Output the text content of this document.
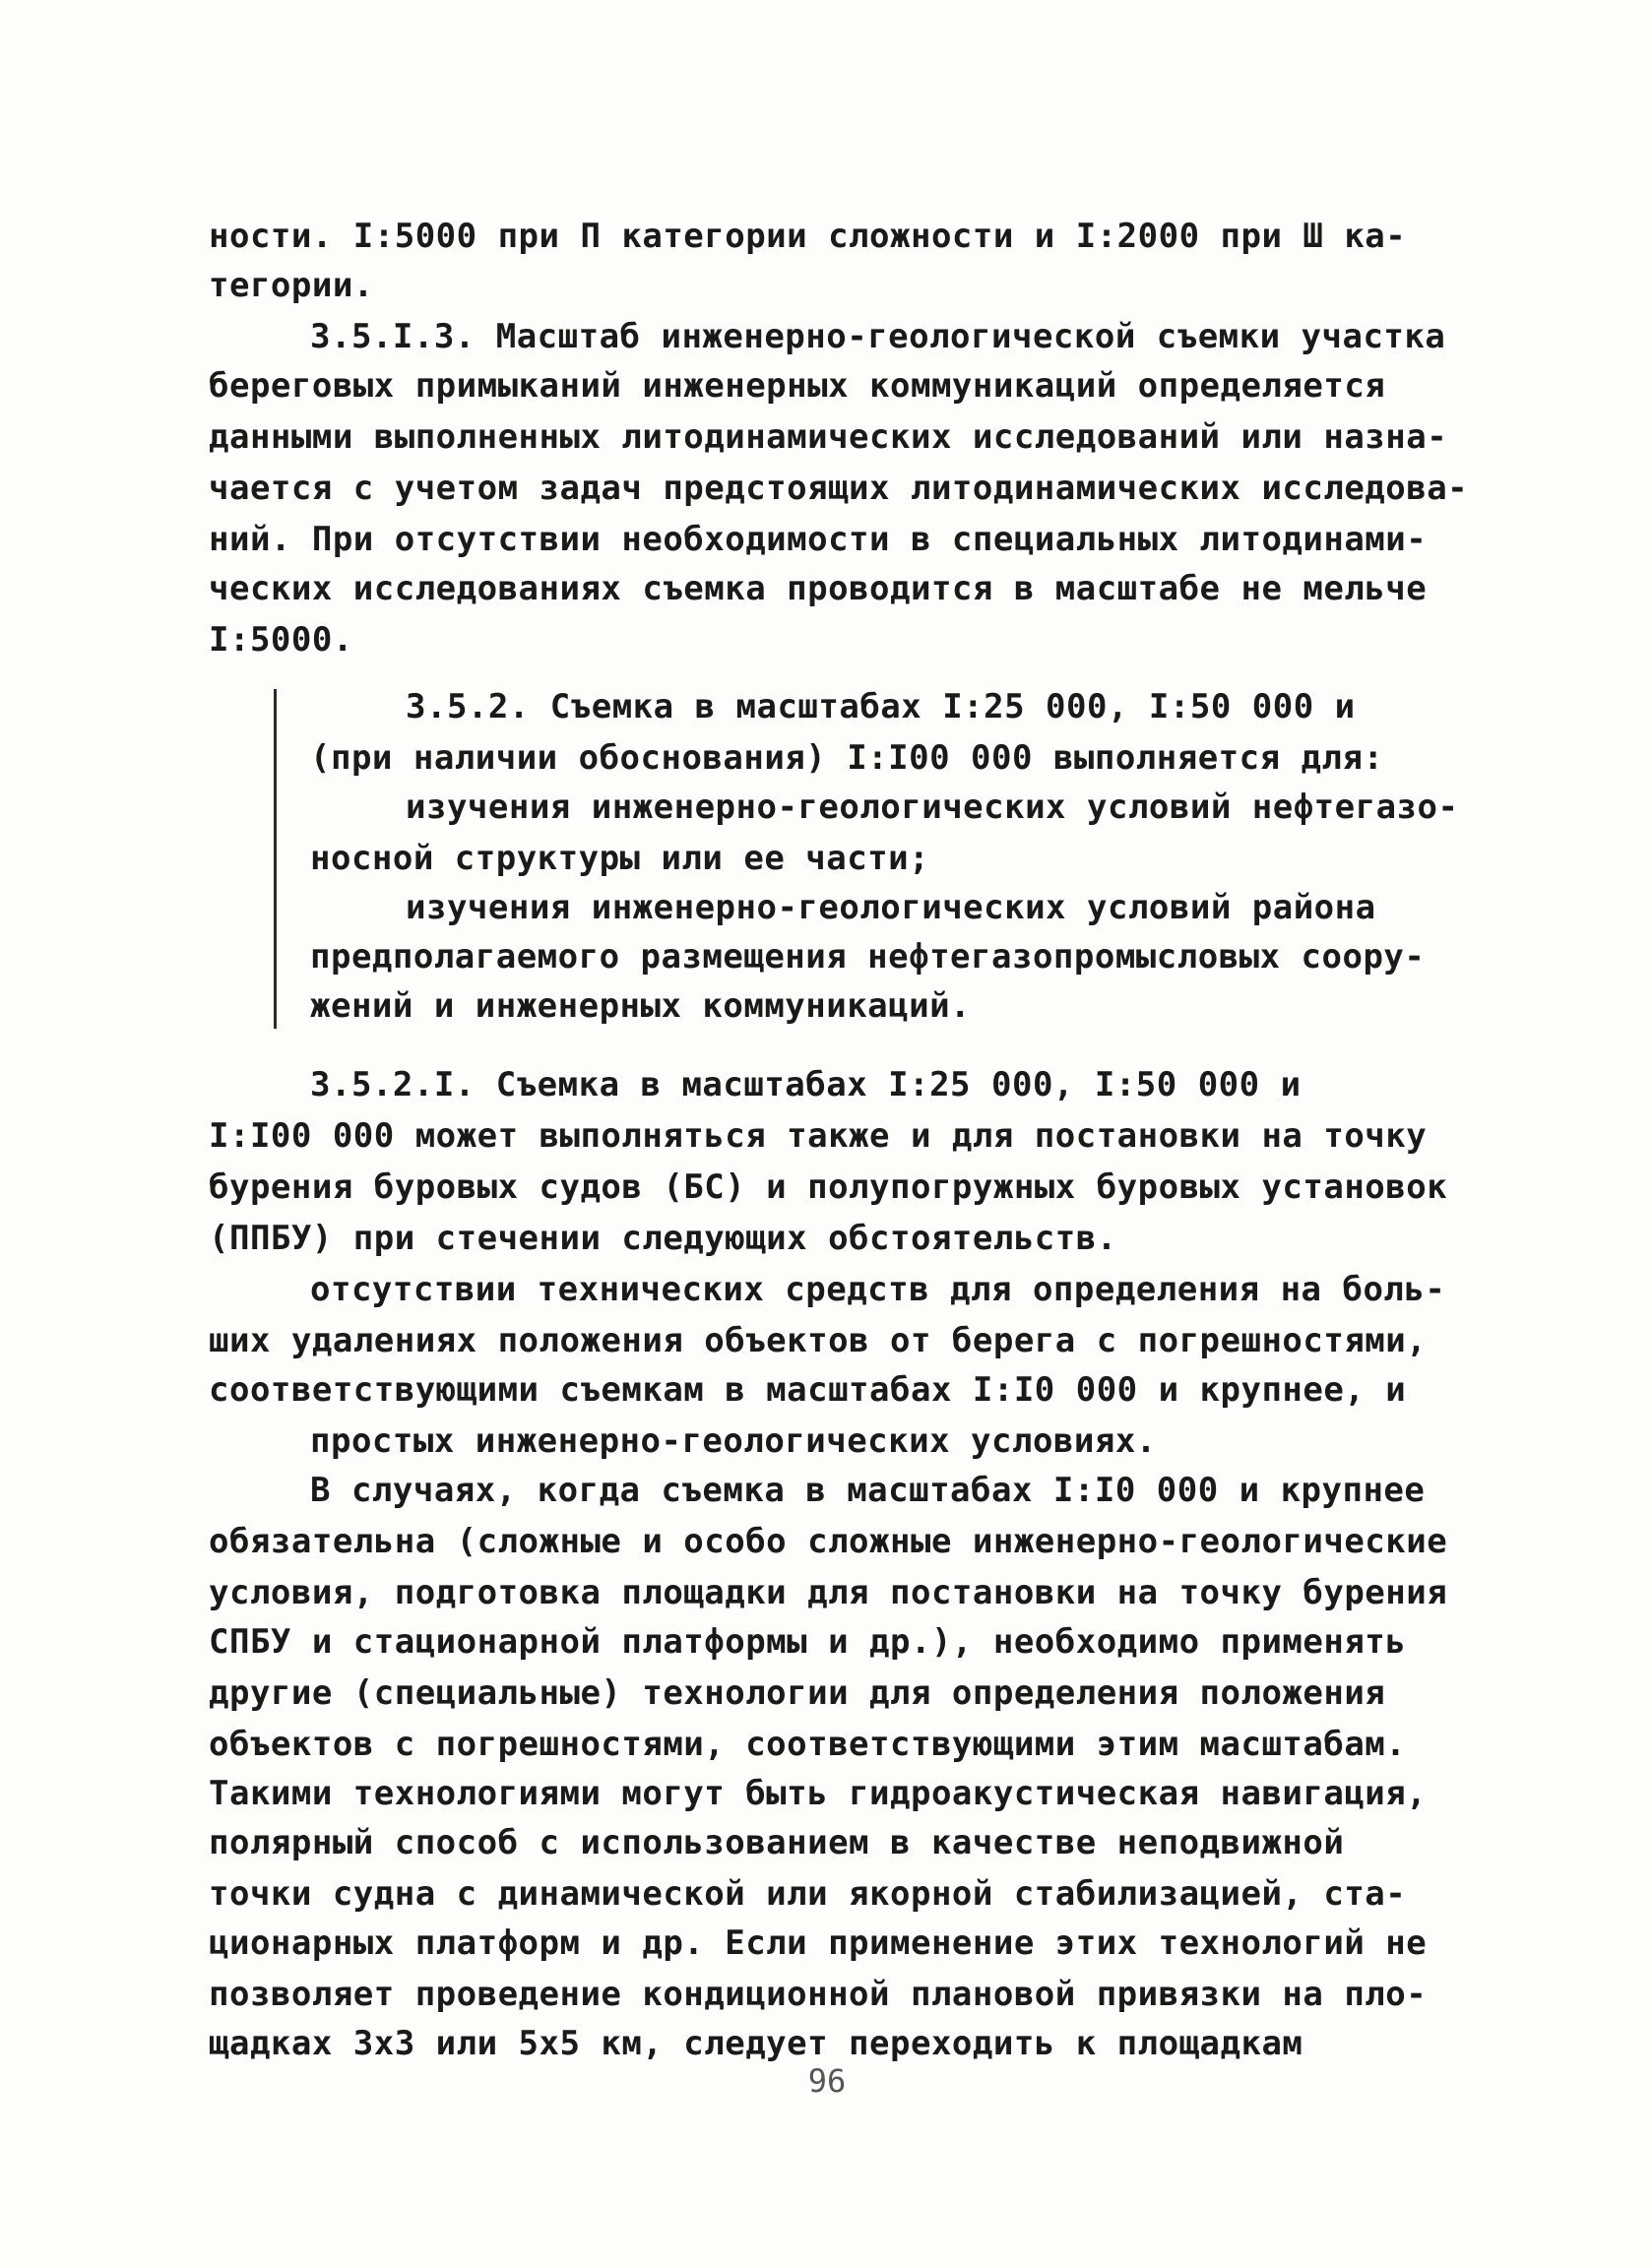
ности. I:5000 при П категории сложности и I:2000 при Ш ка-
тегории.
3.5.I.3. Масштаб инженерно-геологической съемки участка
береговых примыканий инженерных коммуникаций определяется
данными выполненных литодинамических исследований или назна-
чается с учетом задач предстоящих литодинамических исследова-
ний. При отсутствии необходимости в специальных литодинами-
ческих исследованиях съемка проводится в масштабе не мельче
I:5000.
3.5.2. Съемка в масштабах I:25 000, I:50 000 и
(при наличии обоснования) I:I00 000 выполняется для:
изучения инженерно-геологических условий нефтегазо-
носной структуры или ее части;
изучения инженерно-геологических условий района
предполагаемого размещения нефтегазопромысловых соору-
жений и инженерных коммуникаций.
3.5.2.I. Съемка в масштабах I:25 000, I:50 000 и
I:I00 000 может выполняться также и для постановки на точку
бурения буровых судов (БС) и полупогружных буровых установок
(ППБУ) при стечении следующих обстоятельств.
отсутствии технических средств для определения на боль-
ших удалениях положения объектов от берега с погрешностями,
соответствующими съемкам в масштабах I:I0 000 и крупнее, и
простых инженерно-геологических условиях.
В случаях, когда съемка в масштабах I:I0 000 и крупнее
обязательна (сложные и особо сложные инженерно-геологические
условия, подготовка площадки для постановки на точку бурения
СПБУ и стационарной платформы и др.), необходимо применять
другие (специальные) технологии для определения положения
объектов с погрешностями, соответствующими этим масштабам.
Такими технологиями могут быть гидроакустическая навигация,
полярный способ с использованием в качестве неподвижной
точки судна с динамической или якорной стабилизацией, ста-
ционарных платформ и др. Если применение этих технологий не
позволяет проведение кондиционной плановой привязки на пло-
щадках 3х3 или 5х5 км, следует переходить к площадкам
96
